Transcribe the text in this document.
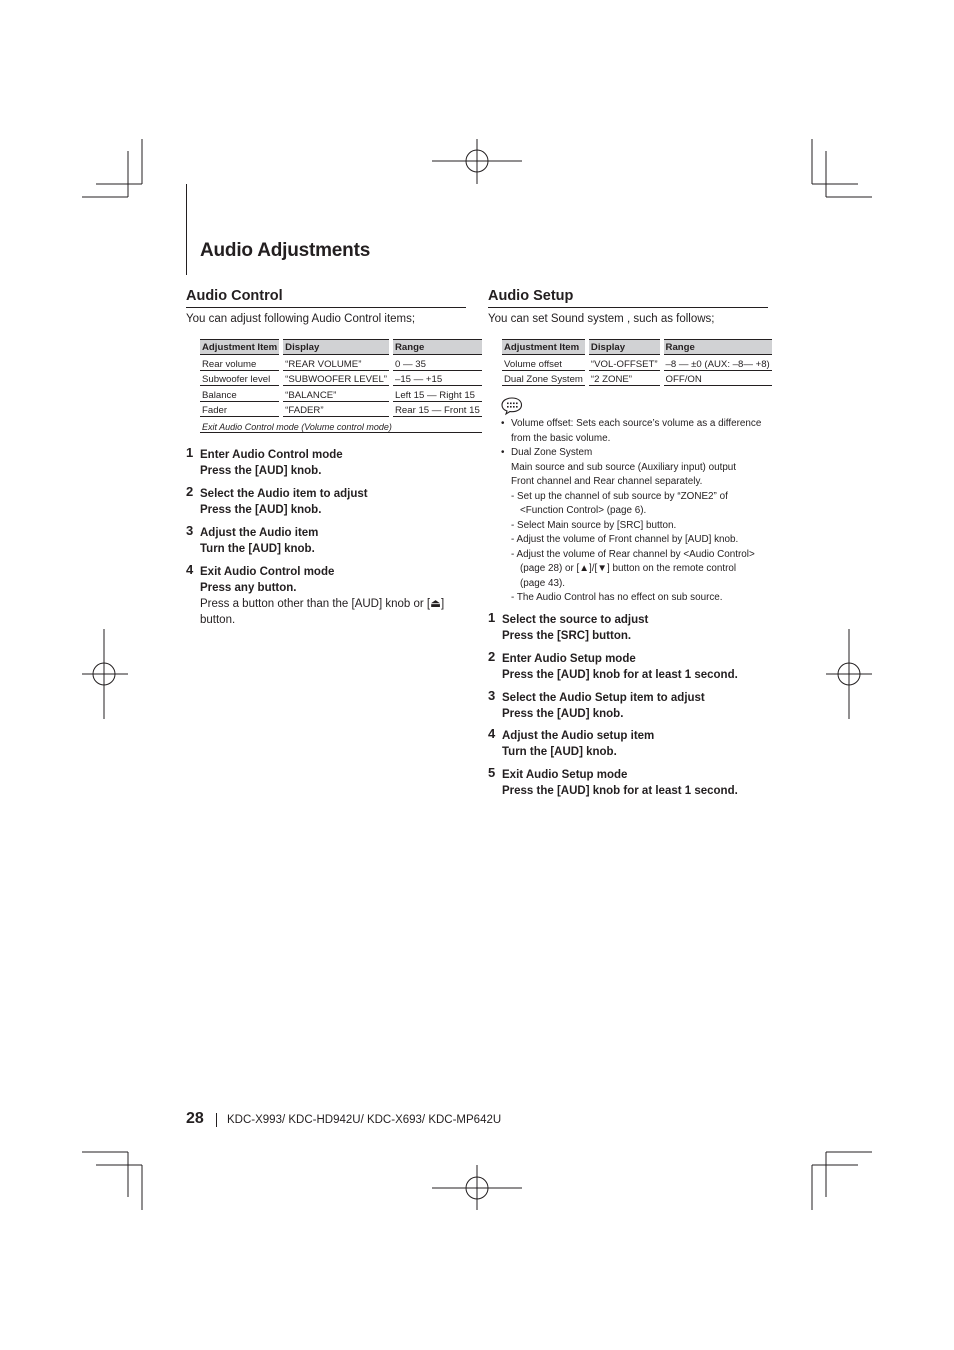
Audio Adjustments
Audio Control
You can adjust following Audio Control items;
Adjustment Item	Display	Range
Rear volume	“REAR VOLUME”	0 — 35
Subwoofer level	“SUBWOOFER LEVEL”	–15 — +15
Balance	“BALANCE”	Left 15 — Right 15
Fader	“FADER”	Rear 15 — Front 15
Exit Audio Control mode (Volume control mode)		
1 Enter Audio Control mode
Press the [AUD] knob.
2 Select the Audio item to adjust
Press the [AUD] knob.
3 Adjust the Audio item
Turn the [AUD] knob.
4 Exit Audio Control mode
Press any button.
Press a button other than the [AUD] knob or [⏏] button.
Audio Setup
You can set Sound system , such as follows;
Adjustment Item	Display	Range
Volume offset	“VOL-OFFSET”	–8 — ±0 (AUX: –8— +8)
Dual Zone System	“2 ZONE”	OFF/ON
• Volume offset: Sets each source’s volume as a difference
from the basic volume.
• Dual Zone System
Main source and sub source (Auxiliary input) output
Front channel and Rear channel separately.
- Set up the channel of sub source by “ZONE2” of
<Function Control> (page 6).
- Select Main source by [SRC] button.
- Adjust the volume of Front channel by [AUD] knob.
- Adjust the volume of Rear channel by <Audio Control>
(page 28) or [▲]/[▼] button on the remote control
(page 43).
- The Audio Control has no effect on sub source.
1 Select the source to adjust
Press the [SRC] button.
2 Enter Audio Setup mode
Press the [AUD] knob for at least 1 second.
3 Select the Audio Setup item to adjust
Press the [AUD] knob.
4 Adjust the Audio setup item
Turn the [AUD] knob.
5 Exit Audio Setup mode
Press the [AUD] knob for at least 1 second.
28 KDC-X993/ KDC-HD942U/ KDC-X693/ KDC-MP642U
